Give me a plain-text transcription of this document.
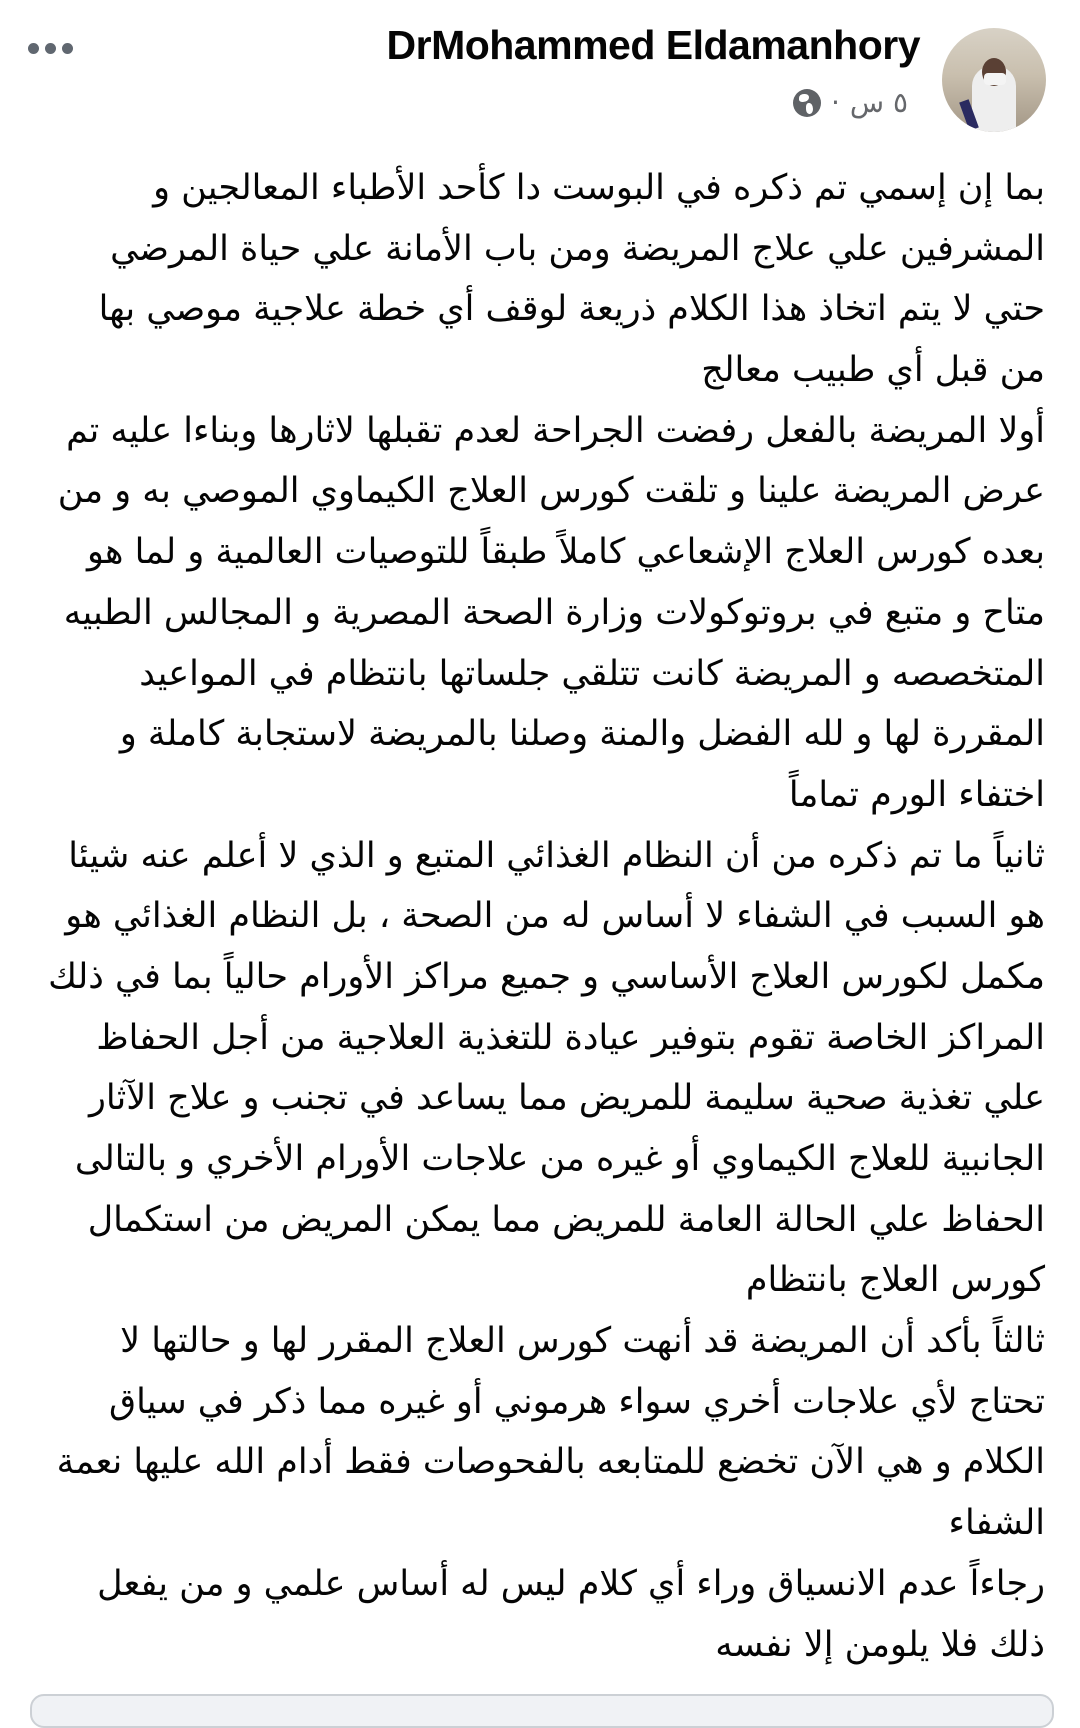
DrMohammed Eldamanhory
٥ س
·
بما إن إسمي تم ذكره في البوست دا كأحد الأطباء المعالجين و
المشرفين علي علاج المريضة ومن باب الأمانة علي حياة المرضي
حتي لا يتم اتخاذ هذا الكلام ذريعة لوقف أي خطة علاجية موصي بها
من قبل أي طبيب معالج
أولا المريضة بالفعل رفضت الجراحة لعدم تقبلها لاثارها وبناءا عليه تم
عرض المريضة علينا و تلقت كورس العلاج الكيماوي الموصي به و من
بعده كورس العلاج الإشعاعي كاملاً طبقاً للتوصيات العالمية و لما هو
متاح و متبع في بروتوكولات وزارة الصحة المصرية و المجالس الطبيه
المتخصصه و المريضة كانت تتلقي جلساتها بانتظام في المواعيد
المقررة لها و لله الفضل والمنة وصلنا بالمريضة لاستجابة كاملة و
اختفاء الورم تماماً
ثانياً ما تم ذكره من أن النظام الغذائي المتبع و الذي لا أعلم عنه شيئا
هو السبب في الشفاء لا أساس له من الصحة ، بل النظام الغذائي هو
مكمل لكورس العلاج الأساسي و جميع مراكز الأورام حالياً بما في ذلك
المراكز الخاصة تقوم بتوفير عيادة للتغذية العلاجية من أجل الحفاظ
علي تغذية صحية سليمة للمريض مما يساعد في تجنب و علاج الآثار
الجانبية للعلاج الكيماوي أو غيره من علاجات الأورام الأخري و بالتالى
الحفاظ علي الحالة العامة للمريض مما يمكن المريض من استكمال
كورس العلاج بانتظام
ثالثاً بأكد أن المريضة قد أنهت كورس العلاج المقرر لها و حالتها لا
تحتاج لأي علاجات أخري سواء هرموني أو غيره مما ذكر في سياق
الكلام و هي الآن تخضع للمتابعه بالفحوصات فقط أدام الله عليها نعمة
الشفاء
رجاءاً عدم الانسياق وراء أي كلام ليس له أساس علمي و من يفعل
ذلك فلا يلومن إلا نفسه
